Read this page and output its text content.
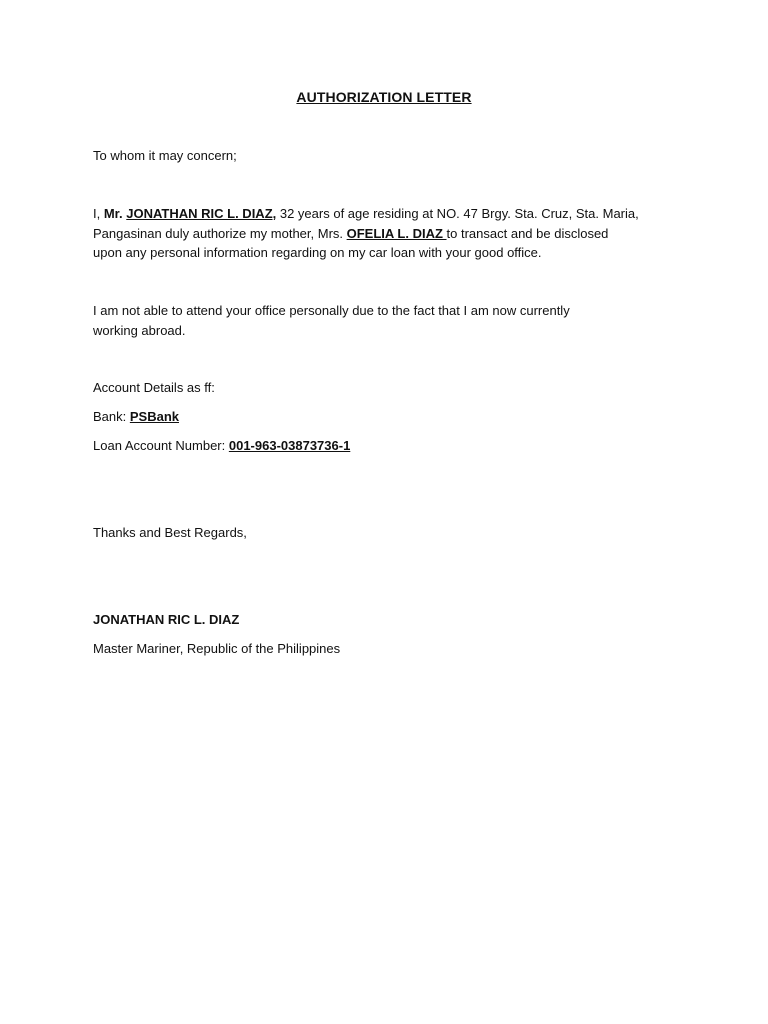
AUTHORIZATION LETTER
To whom it may concern;
I, Mr. JONATHAN RIC L. DIAZ, 32 years of age residing at NO. 47 Brgy. Sta. Cruz, Sta. Maria,
Pangasinan duly authorize my mother, Mrs. OFELIA L. DIAZ to transact and be disclosed
upon any personal information regarding on my car loan with your good office.
I am not able to attend your office personally due to the fact that I am now currently
working abroad.
Account Details as ff:
Bank: PSBank
Loan Account Number: 001-963-03873736-1
Thanks and Best Regards,
JONATHAN RIC L. DIAZ
Master Mariner, Republic of the Philippines
